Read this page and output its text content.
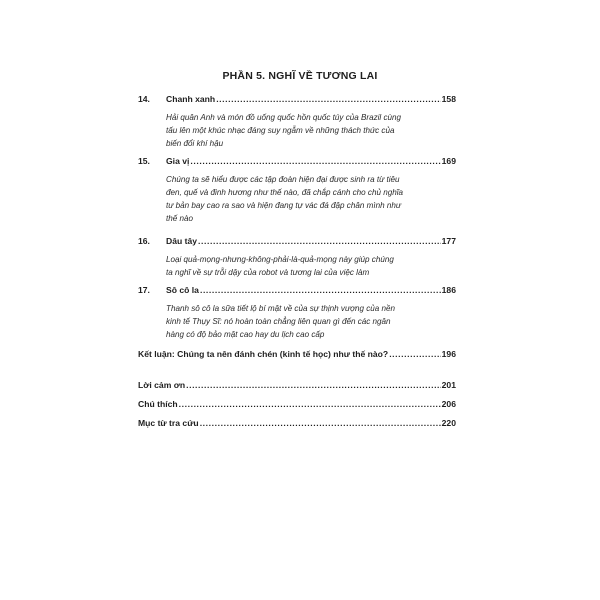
PHẦN 5. NGHĨ VỀ TƯƠNG LAI
14.	Chanh xanh .....	158
Hải quân Anh và món đồ uống quốc hồn quốc túy của Brazil cùng
tấu lên một khúc nhạc đáng suy ngẫm về những thách thức của
biến đổi khí hậu
15.	Gia vị .....	169
Chúng ta sẽ hiểu được các tập đoàn hiện đại được sinh ra từ tiêu
đen, quế và đinh hương như thế nào, đã chắp cánh cho chủ nghĩa
tư bản bay cao ra sao và hiện đang tự vác đá đập chân mình như
thế nào
16.	Dâu tây .....	177
Loại quả-mọng-nhưng-không-phải-là-quả-mọng này giúp chúng
ta nghĩ về sự trỗi dậy của robot và tương lai của việc làm
17.	Sô cô la .....	186
Thanh sô cô la sữa tiết lộ bí mật về của sự thịnh vượng của nền
kinh tế Thụy Sĩ: nó hoàn toàn chẳng liên quan gì đến các ngân
hàng có độ bảo mật cao hay du lịch cao cấp
Kết luận: Chúng ta nên đánh chén (kinh tế học) như thế nào? .....	196
Lời cảm ơn .....	201
Chú thích .....	206
Mục từ tra cứu .....	220
